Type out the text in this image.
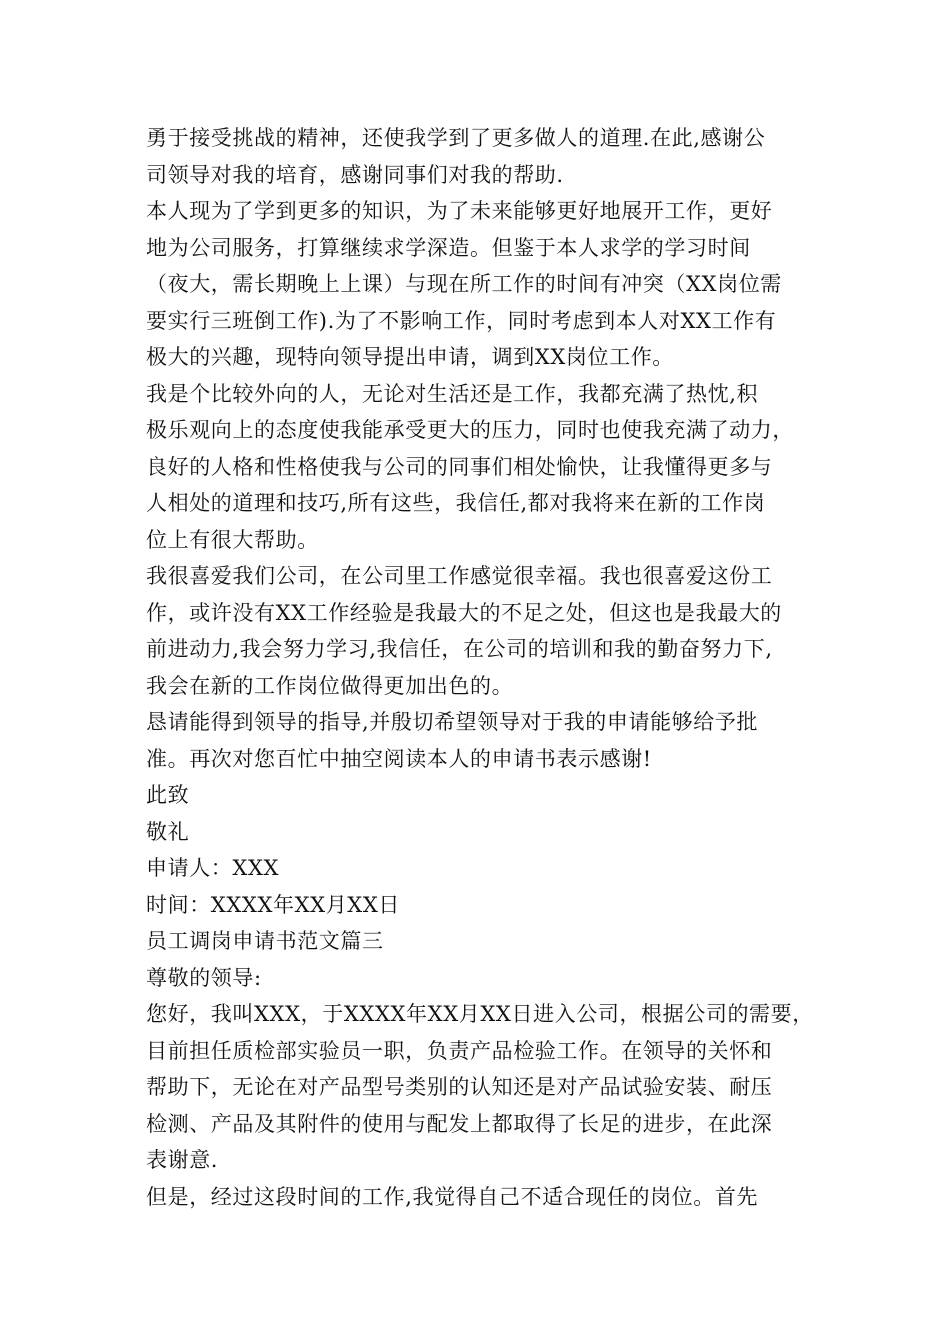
勇于接受挑战的精神，还使我学到了更多做人的道理.在此,感谢公
司领导对我的培育，感谢同事们对我的帮助.
本人现为了学到更多的知识，为了未来能够更好地展开工作，更好
地为公司服务，打算继续求学深造。但鉴于本人求学的学习时间
（夜大，需长期晚上上课）与现在所工作的时间有冲突（XX岗位需
要实行三班倒工作).为了不影响工作，同时考虑到本人对XX工作有
极大的兴趣，现特向领导提出申请，调到XX岗位工作。
我是个比较外向的人，无论对生活还是工作，我都充满了热忱,积
极乐观向上的态度使我能承受更大的压力，同时也使我充满了动力，
良好的人格和性格使我与公司的同事们相处愉快，让我懂得更多与
人相处的道理和技巧,所有这些，我信任,都对我将来在新的工作岗
位上有很大帮助。
我很喜爱我们公司，在公司里工作感觉很幸福。我也很喜爱这份工
作，或许没有XX工作经验是我最大的不足之处，但这也是我最大的
前进动力,我会努力学习,我信任，在公司的培训和我的勤奋努力下,
我会在新的工作岗位做得更加出色的。
恳请能得到领导的指导,并殷切希望领导对于我的申请能够给予批
准。再次对您百忙中抽空阅读本人的申请书表示感谢!
此致
敬礼
申请人：XXX
时间：XXXX年XX月XX日
员工调岗申请书范文篇三
尊敬的领导:
您好，我叫XXX，于XXXX年XX月XX日进入公司，根据公司的需要，
目前担任质检部实验员一职，负责产品检验工作。在领导的关怀和
帮助下，无论在对产品型号类别的认知还是对产品试验安装、耐压
检测、产品及其附件的使用与配发上都取得了长足的进步，在此深
表谢意.
但是，经过这段时间的工作,我觉得自己不适合现任的岗位。首先
